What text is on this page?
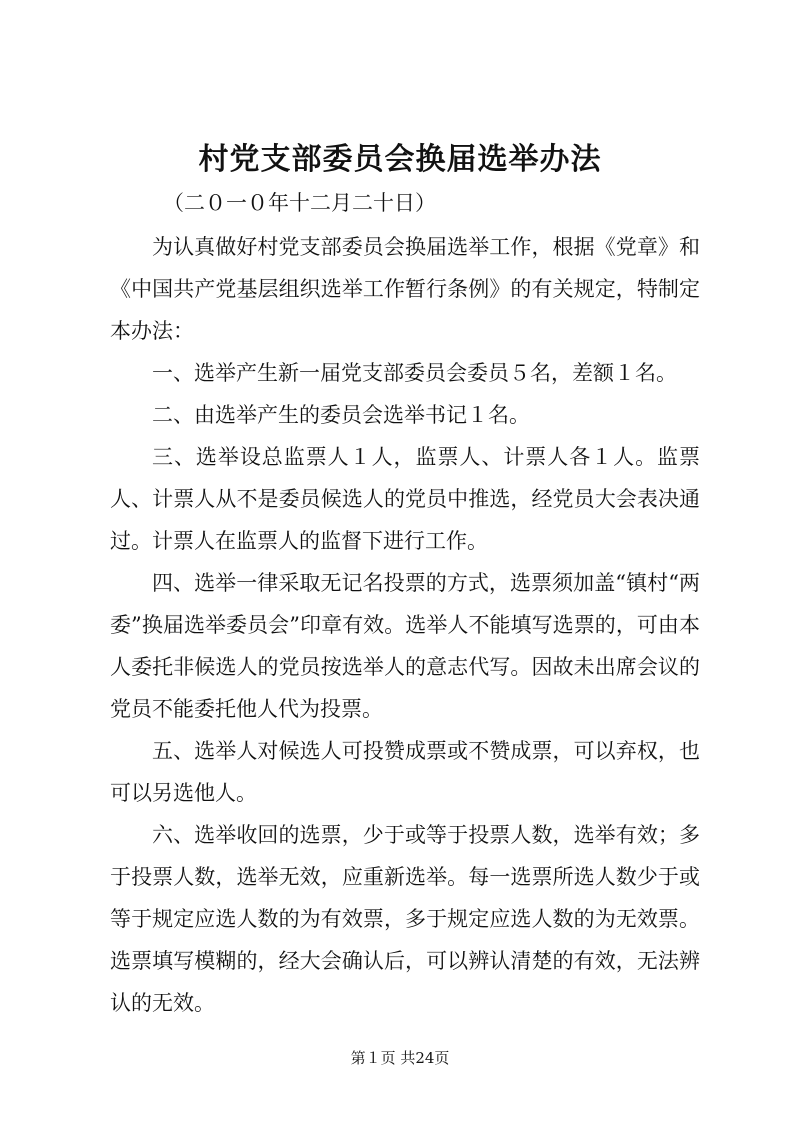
村党支部委员会换届选举办法
（二０一０年十二月二十日）

为认真做好村党支部委员会换届选举工作，根据《党章》和《中国共产党基层组织选举工作暂行条例》的有关规定，特制定本办法：

一、选举产生新一届党支部委员会委员５名，差额１名。

二、由选举产生的委员会选举书记１名。

三、选举设总监票人１人，监票人、计票人各１人。监票人、计票人从不是委员候选人的党员中推选，经党员大会表决通过。计票人在监票人的监督下进行工作。

四、选举一律采取无记名投票的方式，选票须加盖“镇村“两委”换届选举委员会”印章有效。选举人不能填写选票的，可由本人委托非候选人的党员按选举人的意志代写。因故未出席会议的党员不能委托他人代为投票。

五、选举人对候选人可投赞成票或不赞成票，可以弃权，也可以另选他人。

六、选举收回的选票，少于或等于投票人数，选举有效；多于投票人数，选举无效，应重新选举。每一选票所选人数少于或等于规定应选人数的为有效票，多于规定应选人数的为无效票。选票填写模糊的，经大会确认后，可以辨认清楚的有效，无法辨认的无效。

第１页 共24页
